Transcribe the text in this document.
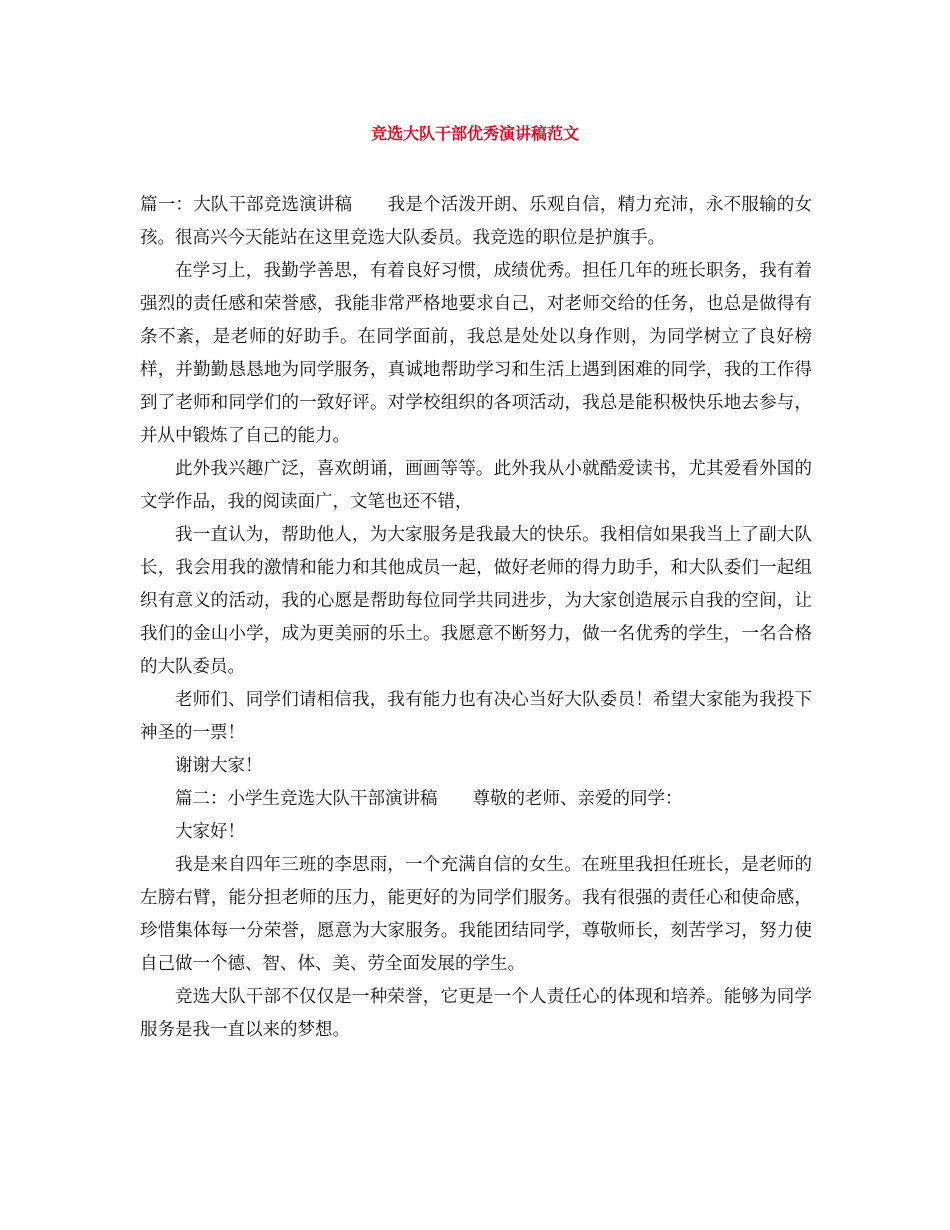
竞选大队干部优秀演讲稿范文

篇一：大队干部竞选演讲稿　　我是个活泼开朗、乐观自信，精力充沛，永不服输的女孩。很高兴今天能站在这里竞选大队委员。我竞选的职位是护旗手。

在学习上，我勤学善思，有着良好习惯，成绩优秀。担任几年的班长职务，我有着强烈的责任感和荣誉感，我能非常严格地要求自己，对老师交给的任务，也总是做得有条不紊，是老师的好助手。在同学面前，我总是处处以身作则，为同学树立了良好榜样，并勤勤恳恳地为同学服务，真诚地帮助学习和生活上遇到困难的同学，我的工作得到了老师和同学们的一致好评。对学校组织的各项活动，我总是能积极快乐地去参与，并从中锻炼了自己的能力。

此外我兴趣广泛，喜欢朗诵，画画等等。此外我从小就酷爱读书，尤其爱看外国的文学作品，我的阅读面广，文笔也还不错，

我一直认为，帮助他人，为大家服务是我最大的快乐。我相信如果我当上了副大队长，我会用我的激情和能力和其他成员一起，做好老师的得力助手，和大队委们一起组织有意义的活动，我的心愿是帮助每位同学共同进步，为大家创造展示自我的空间，让我们的金山小学，成为更美丽的乐土。我愿意不断努力，做一名优秀的学生，一名合格的大队委员。

老师们、同学们请相信我，我有能力也有决心当好大队委员！希望大家能为我投下神圣的一票！

谢谢大家！

篇二：小学生竞选大队干部演讲稿　　尊敬的老师、亲爱的同学：

大家好！

我是来自四年三班的李思雨，一个充满自信的女生。在班里我担任班长，是老师的左膀右臂，能分担老师的压力，能更好的为同学们服务。我有很强的责任心和使命感，珍惜集体每一分荣誉，愿意为大家服务。我能团结同学，尊敬师长，刻苦学习，努力使自己做一个德、智、体、美、劳全面发展的学生。

竞选大队干部不仅仅是一种荣誉，它更是一个人责任心的体现和培养。能够为同学服务是我一直以来的梦想。
